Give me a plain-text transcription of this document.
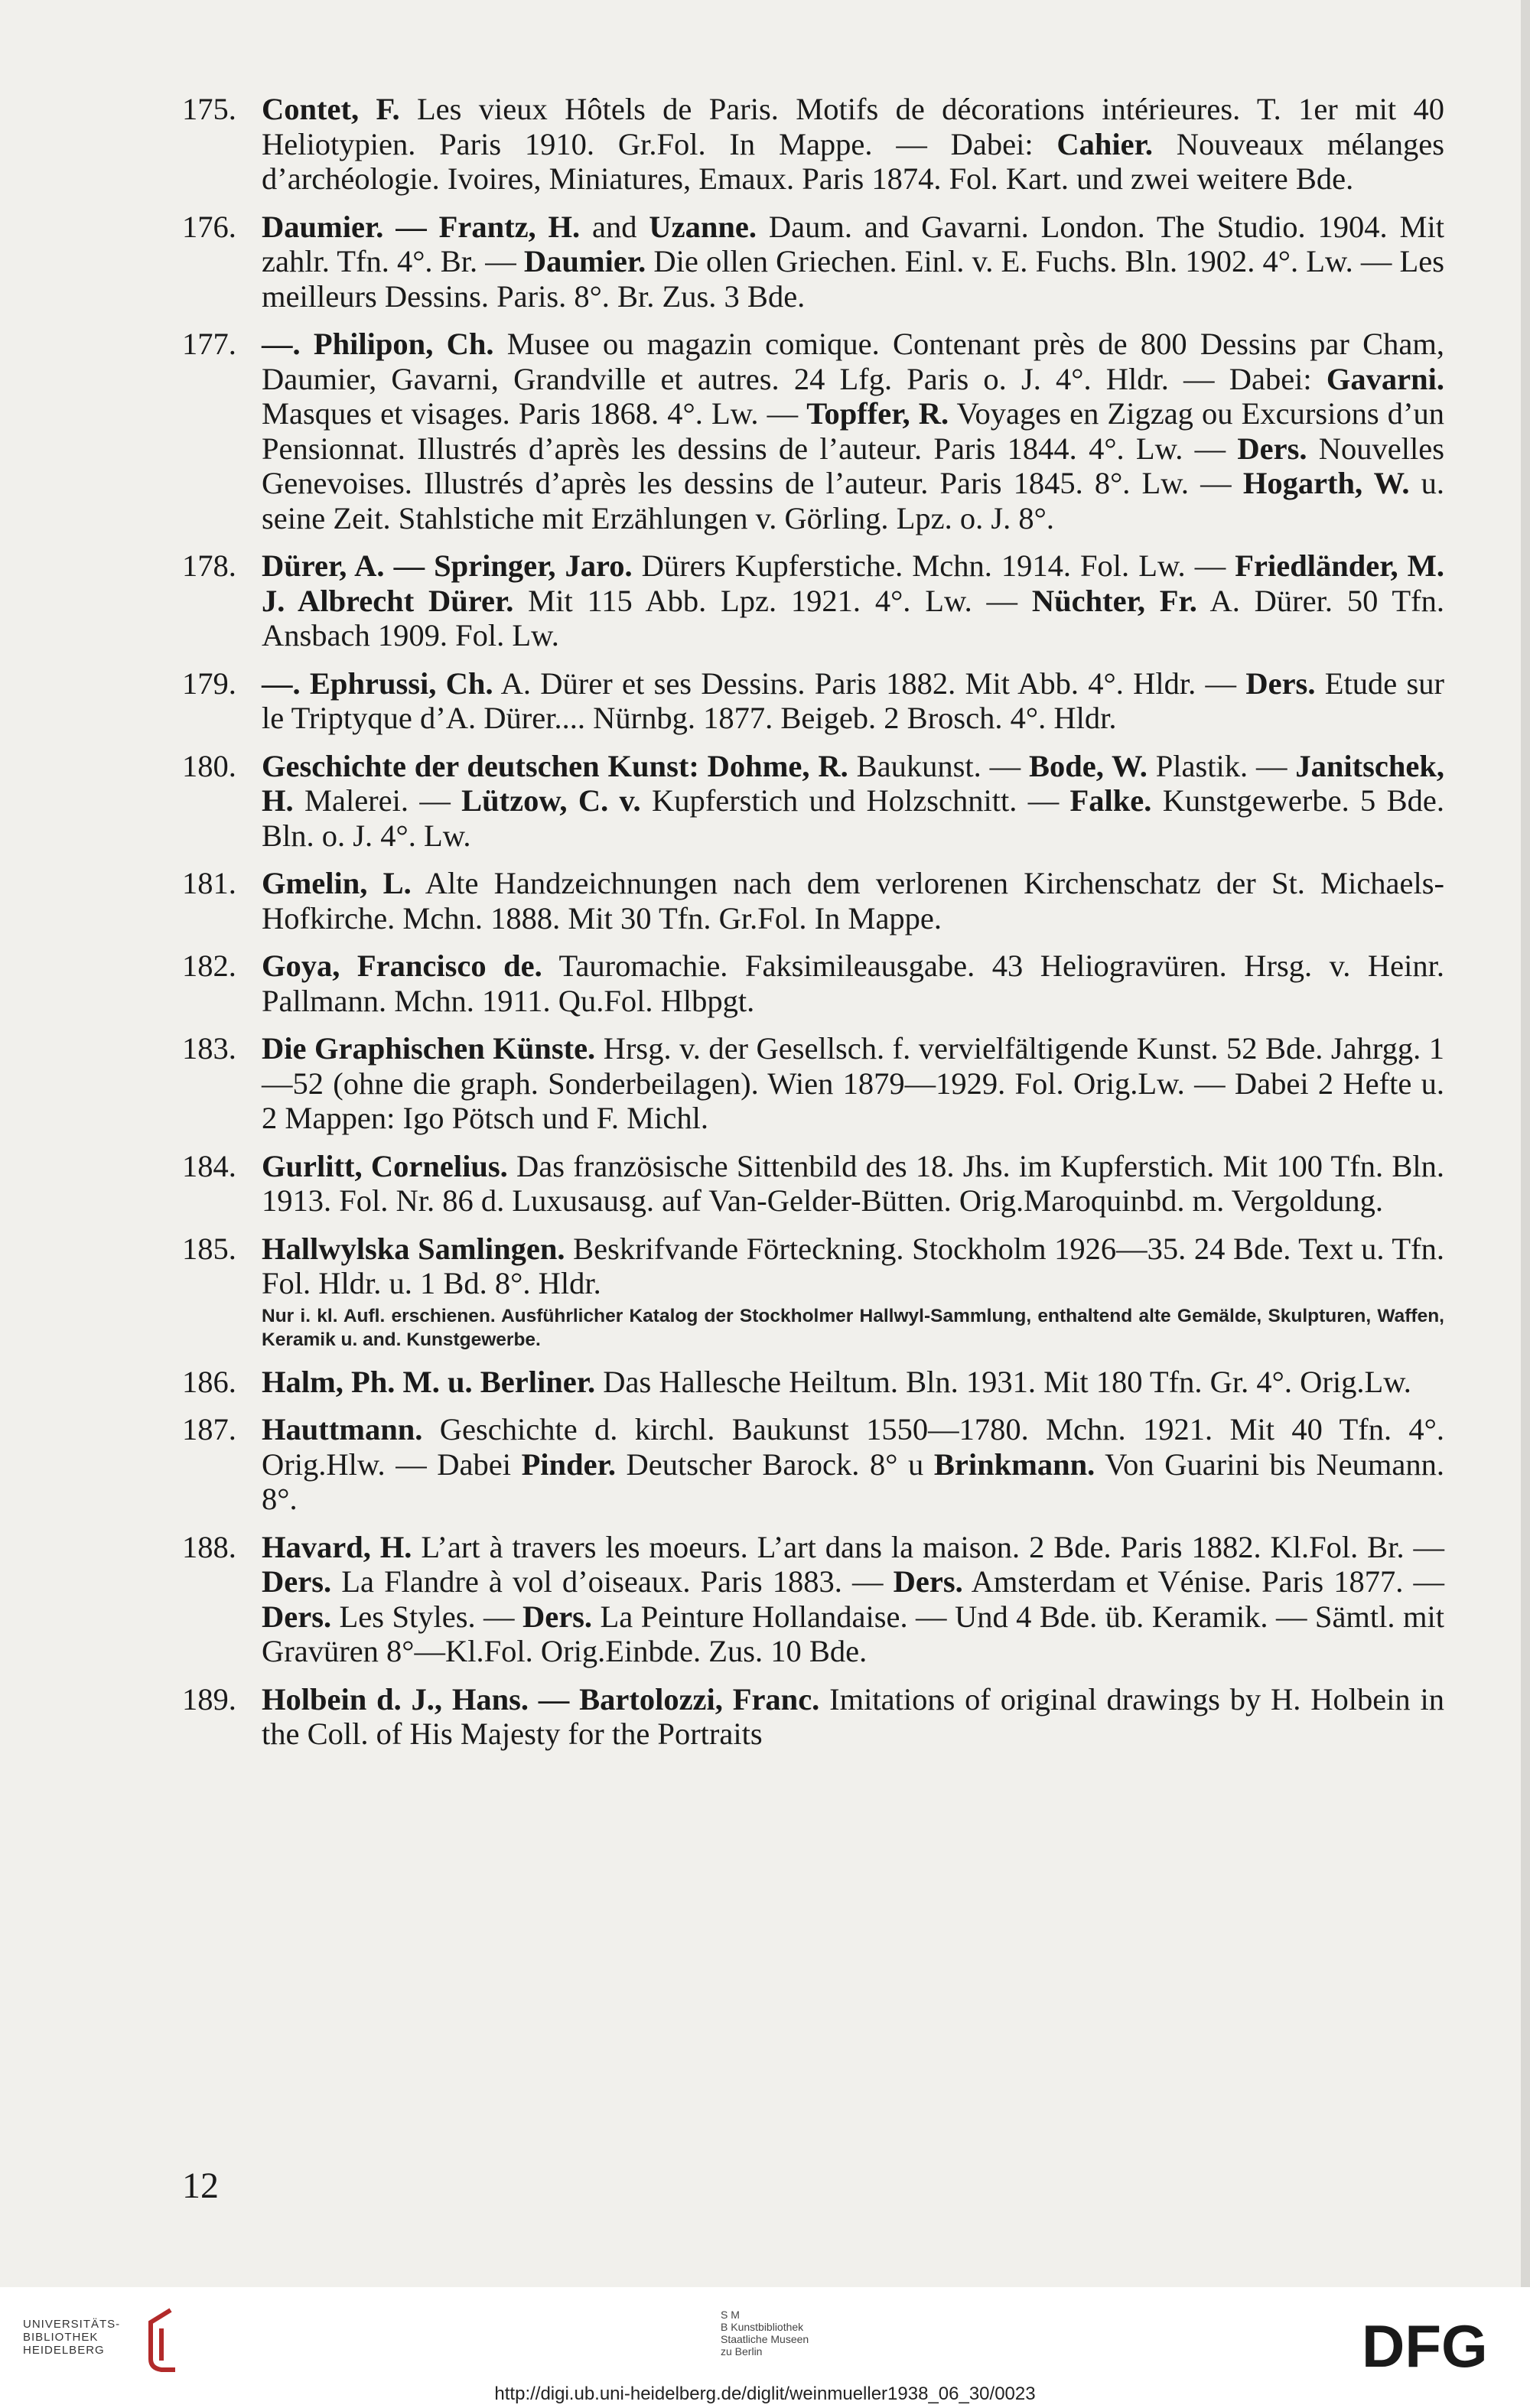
175. Contet, F. Les vieux Hôtels de Paris. Motifs de décorations intérieures. T. 1er mit 40 Heliotypien. Paris 1910. Gr.Fol. In Mappe. — Dabei: Cahier. Nouveaux mélanges d’archéologie. Ivoires, Miniatures, Emaux. Paris 1874. Fol. Kart. und zwei weitere Bde.
176. Daumier. — Frantz, H. and Uzanne. Daum. and Gavarni. London. The Studio. 1904. Mit zahlr. Tfn. 4°. Br. — Daumier. Die ollen Griechen. Einl. v. E. Fuchs. Bln. 1902. 4°. Lw. — Les meilleurs Dessins. Paris. 8°. Br. Zus. 3 Bde.
177. —. Philipon, Ch. Musee ou magazin comique. Contenant près de 800 Dessins par Cham, Daumier, Gavarni, Grandville et autres. 24 Lfg. Paris o. J. 4°. Hldr. — Dabei: Gavarni. Masques et visages. Paris 1868. 4°. Lw. — Topffer, R. Voyages en Zigzag ou Excursions d’un Pensionnat. Illustrés d’après les dessins de l’auteur. Paris 1844. 4°. Lw. — Ders. Nouvelles Genevoises. Illustrés d’après les dessins de l’auteur. Paris 1845. 8°. Lw. — Hogarth, W. u. seine Zeit. Stahlstiche mit Erzählungen v. Görling. Lpz. o. J. 8°.
178. Dürer, A. — Springer, Jaro. Dürers Kupferstiche. Mchn. 1914. Fol. Lw. — Friedländer, M. J. Albrecht Dürer. Mit 115 Abb. Lpz. 1921. 4°. Lw. — Nüchter, Fr. A. Dürer. 50 Tfn. Ansbach 1909. Fol. Lw.
179. —. Ephrussi, Ch. A. Dürer et ses Dessins. Paris 1882. Mit Abb. 4°. Hldr. — Ders. Etude sur le Triptyque d’A. Dürer.... Nürnbg. 1877. Beigeb. 2 Brosch. 4°. Hldr.
180. Geschichte der deutschen Kunst: Dohme, R. Baukunst. — Bode, W. Plastik. — Janitschek, H. Malerei. — Lützow, C. v. Kupferstich und Holzschnitt. — Falke. Kunstgewerbe. 5 Bde. Bln. o. J. 4°. Lw.
181. Gmelin, L. Alte Handzeichnungen nach dem verlorenen Kirchenschatz der St. Michaels-Hofkirche. Mchn. 1888. Mit 30 Tfn. Gr.Fol. In Mappe.
182. Goya, Francisco de. Tauromachie. Faksimileausgabe. 43 Heliogravüren. Hrsg. v. Heinr. Pallmann. Mchn. 1911. Qu.Fol. Hlbpgt.
183. Die Graphischen Künste. Hrsg. v. der Gesellsch. f. vervielfältigende Kunst. 52 Bde. Jahrgg. 1—52 (ohne die graph. Sonderbeilagen). Wien 1879—1929. Fol. Orig.Lw. — Dabei 2 Hefte u. 2 Mappen: Igo Pötsch und F. Michl.
184. Gurlitt, Cornelius. Das französische Sittenbild des 18. Jhs. im Kupferstich. Mit 100 Tfn. Bln. 1913. Fol. Nr. 86 d. Luxusausg. auf Van-Gelder-Bütten. Orig.Maroquinbd. m. Vergoldung.
185. Hallwylska Samlingen. Beskrifvande Förteckning. Stockholm 1926—35. 24 Bde. Text u. Tfn. Fol. Hldr. u. 1 Bd. 8°. Hldr.
Nur i. kl. Aufl. erschienen. Ausführlicher Katalog der Stockholmer Hallwyl-Sammlung, enthaltend alte Gemälde, Skulpturen, Waffen, Keramik u. and. Kunstgewerbe.
186. Halm, Ph. M. u. Berliner. Das Hallesche Heiltum. Bln. 1931. Mit 180 Tfn. Gr. 4°. Orig.Lw.
187. Hauttmann. Geschichte d. kirchl. Baukunst 1550—1780. Mchn. 1921. Mit 40 Tfn. 4°. Orig.Hlw. — Dabei Pinder. Deutscher Barock. 8° u Brinkmann. Von Guarini bis Neumann. 8°.
188. Havard, H. L’art à travers les moeurs. L’art dans la maison. 2 Bde. Paris 1882. Kl.Fol. Br. — Ders. La Flandre à vol d’oiseaux. Paris 1883. — Ders. Amsterdam et Vénise. Paris 1877. — Ders. Les Styles. — Ders. La Peinture Hollandaise. — Und 4 Bde. üb. Keramik. — Sämtl. mit Gravüren 8°—Kl.Fol. Orig.Einbde. Zus. 10 Bde.
189. Holbein d. J., Hans. — Bartolozzi, Franc. Imitations of original drawings by H. Holbein in the Coll. of His Majesty for the Portraits
12
UNIVERSITÄTS-
BIBLIOTHEK
HEIDELBERG
S M
B Kunstbibliothek
Staatliche Museen
zu Berlin	DFG
http://digi.ub.uni-heidelberg.de/diglit/weinmueller1938_06_30/0023
